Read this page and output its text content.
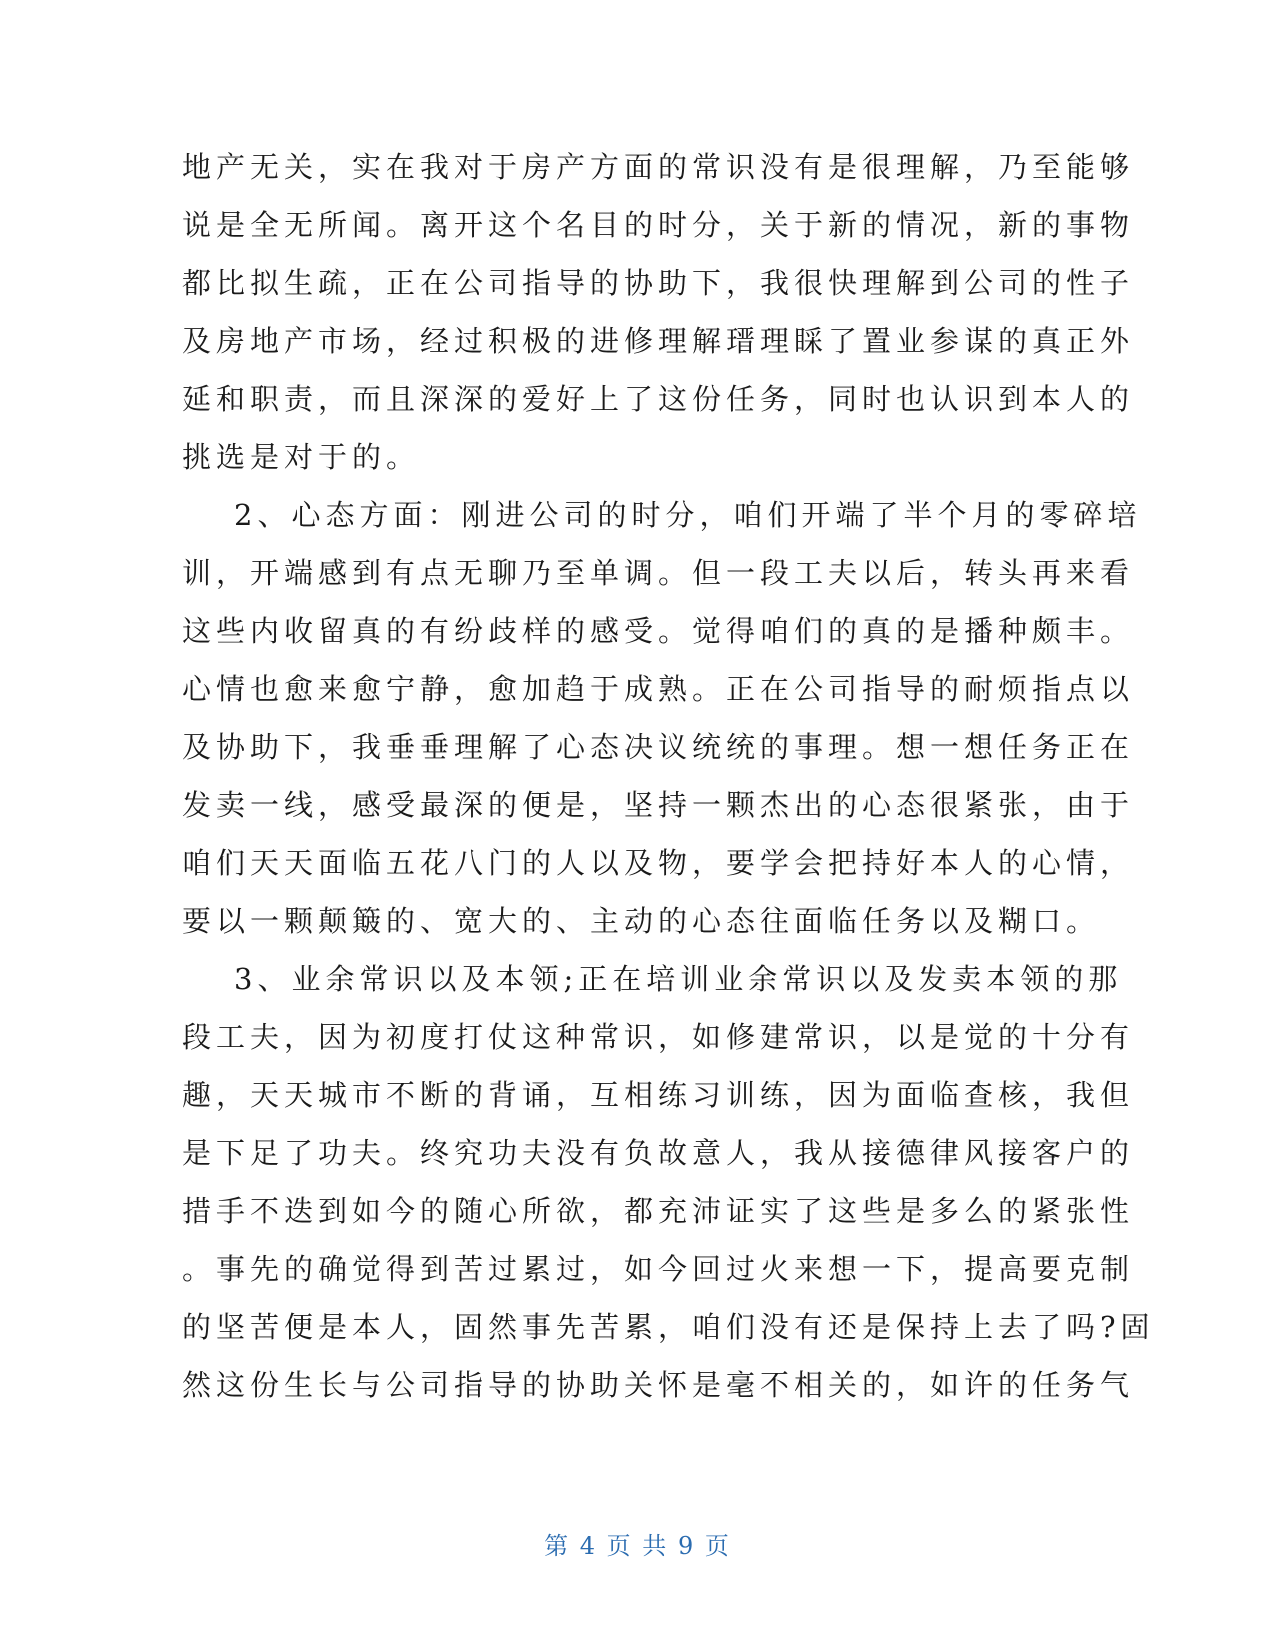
地产无关，实在我对于房产方面的常识没有是很理解，乃至能够
说是全无所闻。离开这个名目的时分，关于新的情况，新的事物
都比拟生疏，正在公司指导的协助下，我很快理解到公司的性子
及房地产市场，经过积极的进修理解瑨理睬了置业参谋的真正外
延和职责，而且深深的爱好上了这份任务，同时也认识到本人的
挑选是对于的。
2、心态方面：刚进公司的时分，咱们开端了半个月的零碎培
训，开端感到有点无聊乃至单调。但一段工夫以后，转头再来看
这些内收留真的有纷歧样的感受。觉得咱们的真的是播种颇丰。
心情也愈来愈宁静，愈加趋于成熟。正在公司指导的耐烦指点以
及协助下，我垂垂理解了心态决议统统的事理。想一想任务正在
发卖一线，感受最深的便是，坚持一颗杰出的心态很紧张，由于
咱们天天面临五花八门的人以及物，要学会把持好本人的心情，
要以一颗颠簸的、宽大的、主动的心态往面临任务以及糊口。
3、业余常识以及本领;正在培训业余常识以及发卖本领的那
段工夫，因为初度打仗这种常识，如修建常识，以是觉的十分有
趣，天天城市不断的背诵，互相练习训练，因为面临查核，我但
是下足了功夫。终究功夫没有负故意人，我从接德律风接客户的
措手不迭到如今的随心所欲，都充沛证实了这些是多么的紧张性
。事先的确觉得到苦过累过，如今回过火来想一下，提高要克制
的坚苦便是本人，固然事先苦累，咱们没有还是保持上去了吗?固
然这份生长与公司指导的协助关怀是毫不相关的，如许的任务气
第 4 页 共 9 页
